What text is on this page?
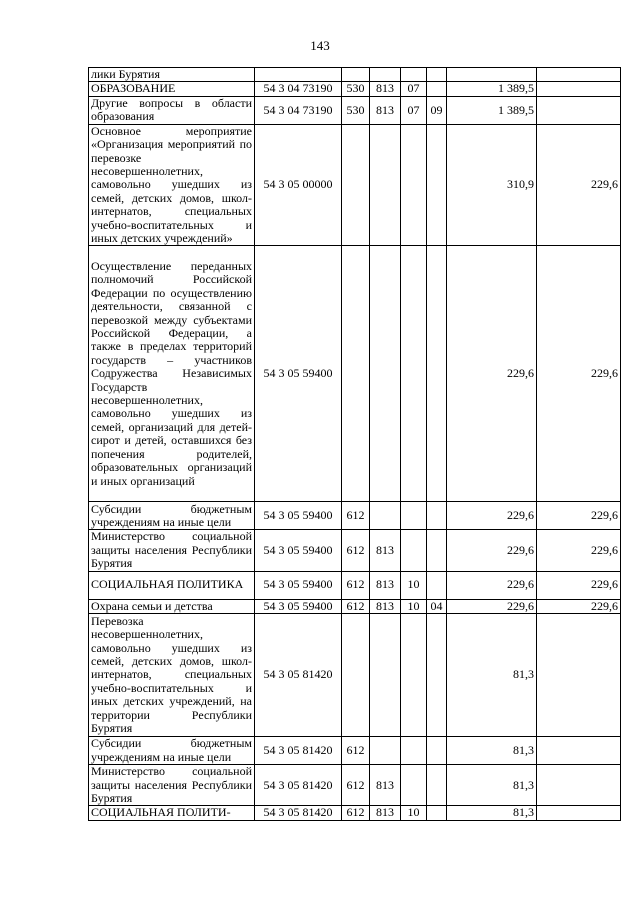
143
лики Бурятия							
ОБРАЗОВАНИЕ	54 3 04 73190	530	813	07		1 389,5	
Другие вопросы в области образования	54 3 04 73190	530	813	07	09	1 389,5	
Основное мероприятие «Организация мероприятий по перевозке несовершеннолетних, самовольно ушедших из семей, детских домов, школ-интернатов, специальных учебно-воспитательных и иных детских учреждений»	54 3 05 00000					310,9	229,6
Осуществление переданных полномочий Российской Федерации по осуществлению деятельности, связанной с перевозкой между субъектами Российской Федерации, а также в пределах территорий государств – участников Содружества Независимых Государств несовершеннолетних, самовольно ушедших из семей, организаций для детей-сирот и детей, оставшихся без попечения родителей, образовательных организаций и иных организаций	54 3 05 59400					229,6	229,6
Субсидии бюджетным учреждениям на иные цели	54 3 05 59400	612				229,6	229,6
Министерство социальной защиты населения Республики Бурятия	54 3 05 59400	612	813			229,6	229,6
СОЦИАЛЬНАЯ ПОЛИТИКА	54 3 05 59400	612	813	10		229,6	229,6
Охрана семьи и детства	54 3 05 59400	612	813	10	04	229,6	229,6
Перевозка несовершеннолетних, самовольно ушедших из семей, детских домов, школ-интернатов, специальных учебно-воспитательных и иных детских учреждений, на территории Республики Бурятия	54 3 05 81420					81,3	
Субсидии бюджетным учреждениям на иные цели	54 3 05 81420	612				81,3	
Министерство социальной защиты населения Республики Бурятия	54 3 05 81420	612	813			81,3	
СОЦИАЛЬНАЯ ПОЛИТИ-	54 3 05 81420	612	813	10		81,3	
